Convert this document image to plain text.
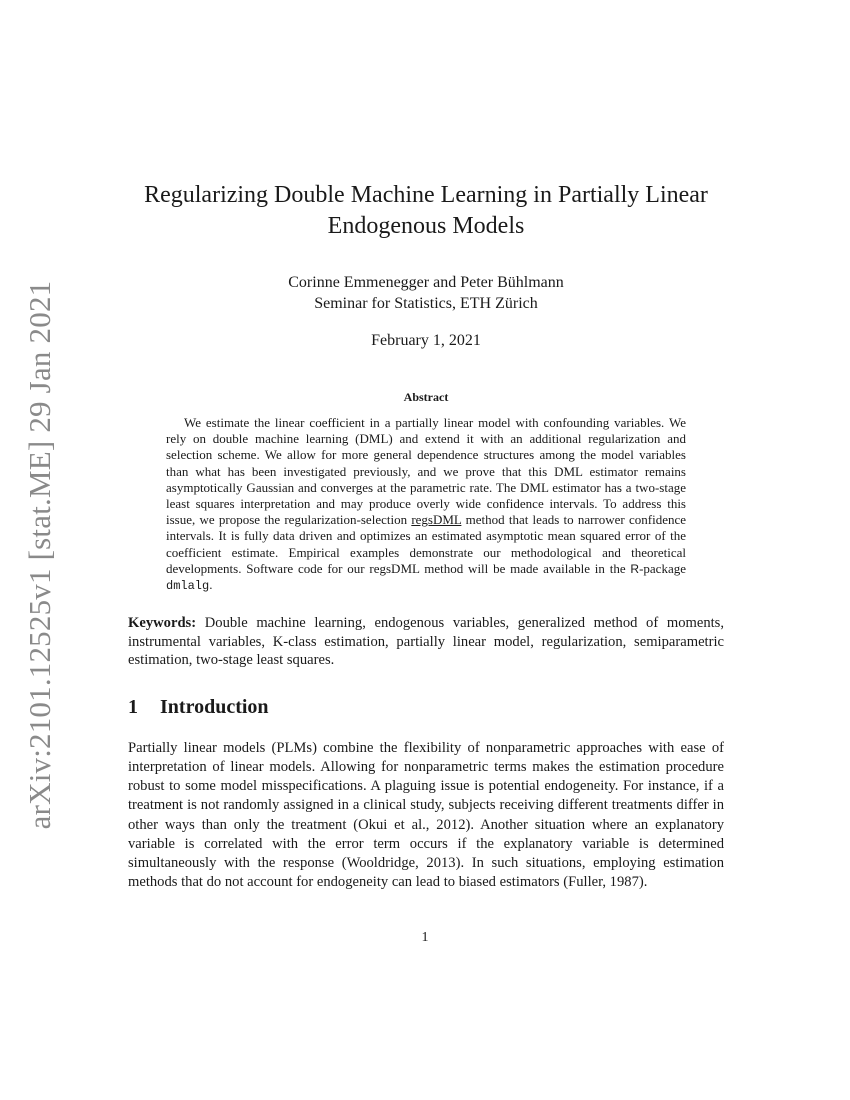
arXiv:2101.12525v1 [stat.ME] 29 Jan 2021
Regularizing Double Machine Learning in Partially Linear Endogenous Models
Corinne Emmenegger and Peter Bühlmann
Seminar for Statistics, ETH Zürich
February 1, 2021
Abstract
We estimate the linear coefficient in a partially linear model with confounding variables. We rely on double machine learning (DML) and extend it with an additional regularization and selection scheme. We allow for more general dependence structures among the model variables than what has been investigated previously, and we prove that this DML estimator remains asymptotically Gaussian and converges at the parametric rate. The DML estimator has a two-stage least squares interpretation and may produce overly wide confidence intervals. To address this issue, we propose the regularization-selection regsDML method that leads to narrower confidence intervals. It is fully data driven and optimizes an estimated asymptotic mean squared error of the coefficient estimate. Empirical examples demonstrate our methodological and theoretical developments. Software code for our regsDML method will be made available in the R-package dmlalg.
Keywords: Double machine learning, endogenous variables, generalized method of moments, instrumental variables, K-class estimation, partially linear model, regularization, semiparametric estimation, two-stage least squares.
1 Introduction
Partially linear models (PLMs) combine the flexibility of nonparametric approaches with ease of interpretation of linear models. Allowing for nonparametric terms makes the estimation procedure robust to some model misspecifications. A plaguing issue is potential endogeneity. For instance, if a treatment is not randomly assigned in a clinical study, subjects receiving different treatments differ in other ways than only the treatment (Okui et al., 2012). Another situation where an explanatory variable is correlated with the error term occurs if the explanatory variable is determined simultaneously with the response (Wooldridge, 2013). In such situations, employing estimation methods that do not account for endogeneity can lead to biased estimators (Fuller, 1987).
1
